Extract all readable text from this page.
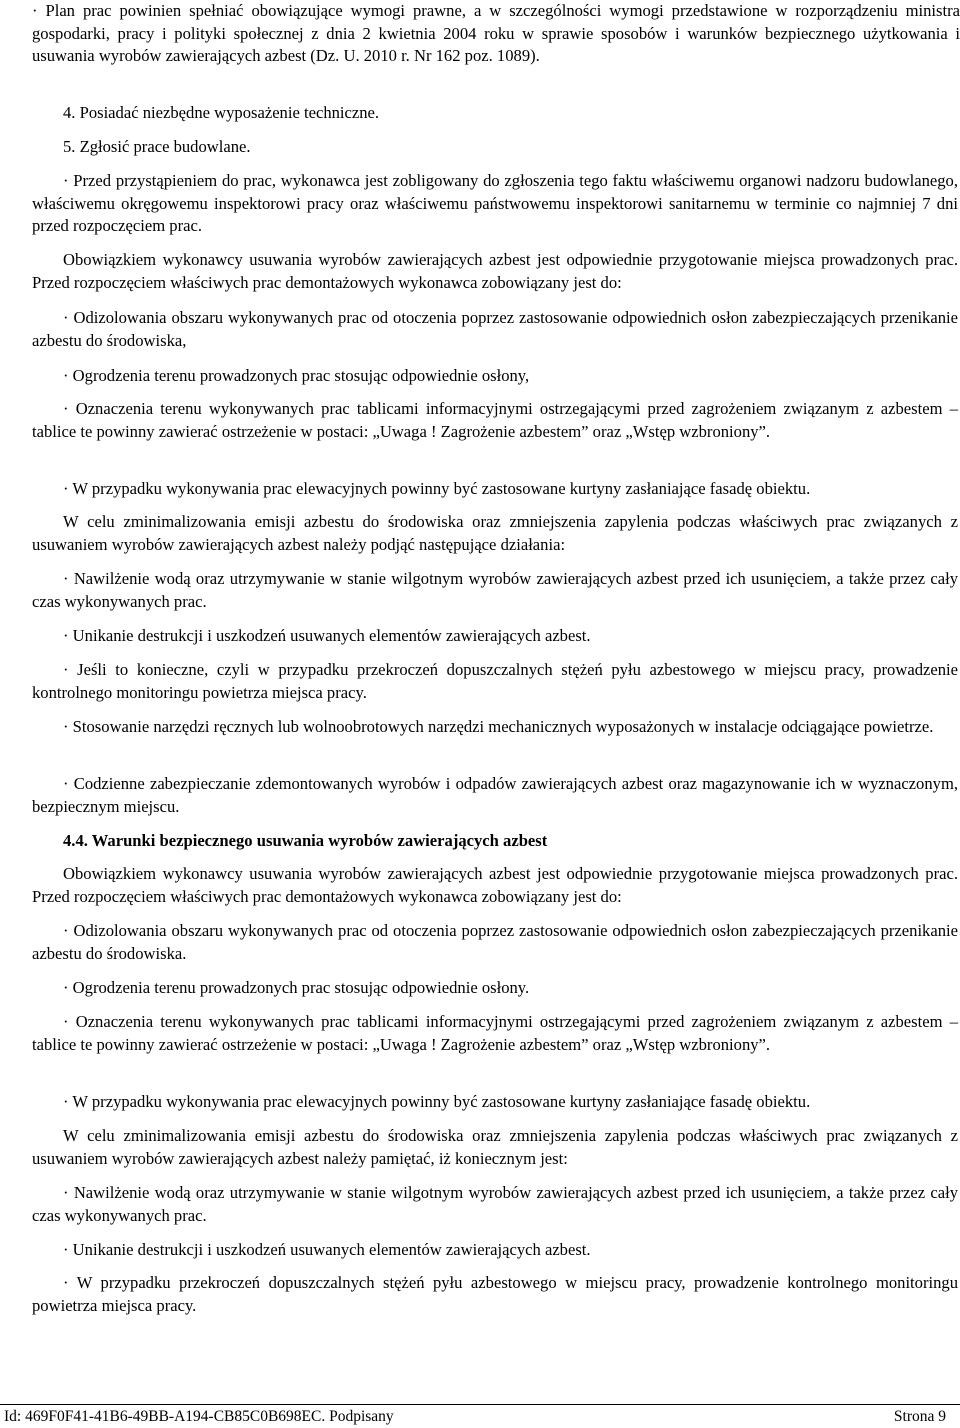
· Plan prac powinien spełniać obowiązujące wymogi prawne, a w szczególności wymogi przedstawione w rozporządzeniu ministra gospodarki, pracy i polityki społecznej z dnia 2 kwietnia 2004 roku w sprawie sposobów i warunków bezpiecznego użytkowania i usuwania wyrobów zawierających azbest (Dz. U. 2010 r. Nr 162 poz. 1089).

4. Posiadać niezbędne wyposażenie techniczne.

5. Zgłosić prace budowlane.

· Przed przystąpieniem do prac, wykonawca jest zobligowany do zgłoszenia tego faktu właściwemu organowi nadzoru budowlanego, właściwemu okręgowemu inspektorowi pracy oraz właściwemu państwowemu inspektorowi sanitarnemu w terminie co najmniej 7 dni przed rozpoczęciem prac.

Obowiązkiem wykonawcy usuwania wyrobów zawierających azbest jest odpowiednie przygotowanie miejsca prowadzonych prac. Przed rozpoczęciem właściwych prac demontażowych wykonawca zobowiązany jest do:

· Odizolowania obszaru wykonywanych prac od otoczenia poprzez zastosowanie odpowiednich osłon zabezpieczających przenikanie azbestu do środowiska,

· Ogrodzenia terenu prowadzonych prac stosując odpowiednie osłony,

· Oznaczenia terenu wykonywanych prac tablicami informacyjnymi ostrzegającymi przed zagrożeniem związanym z azbestem – tablice te powinny zawierać ostrzeżenie w postaci: „Uwaga ! Zagrożenie azbestem” oraz „Wstęp wzbroniony”.

· W przypadku wykonywania prac elewacyjnych powinny być zastosowane kurtyny zasłaniające fasadę obiektu.

W celu zminimalizowania emisji azbestu do środowiska oraz zmniejszenia zapylenia podczas właściwych prac związanych z usuwaniem wyrobów zawierających azbest należy podjąć następujące działania:

· Nawilżenie wodą oraz utrzymywanie w stanie wilgotnym wyrobów zawierających azbest przed ich usunięciem, a także przez cały czas wykonywanych prac.

· Unikanie destrukcji i uszkodzeń usuwanych elementów zawierających azbest.

· Jeśli to konieczne, czyli w przypadku przekroczeń dopuszczalnych stężeń pyłu azbestowego w miejscu pracy, prowadzenie kontrolnego monitoringu powietrza miejsca pracy.

· Stosowanie narzędzi ręcznych lub wolnoobrotowych narzędzi mechanicznych wyposażonych w instalacje odciągające powietrze.

· Codzienne zabezpieczanie zdemontowanych wyrobów i odpadów zawierających azbest oraz magazynowanie ich w wyznaczonym, bezpiecznym miejscu.

4.4. Warunki bezpiecznego usuwania wyrobów zawierających azbest

Obowiązkiem wykonawcy usuwania wyrobów zawierających azbest jest odpowiednie przygotowanie miejsca prowadzonych prac. Przed rozpoczęciem właściwych prac demontażowych wykonawca zobowiązany jest do:

· Odizolowania obszaru wykonywanych prac od otoczenia poprzez zastosowanie odpowiednich osłon zabezpieczających przenikanie azbestu do środowiska.

· Ogrodzenia terenu prowadzonych prac stosując odpowiednie osłony.

· Oznaczenia terenu wykonywanych prac tablicami informacyjnymi ostrzegającymi przed zagrożeniem związanym z azbestem – tablice te powinny zawierać ostrzeżenie w postaci: „Uwaga ! Zagrożenie azbestem” oraz „Wstęp wzbroniony”.

· W przypadku wykonywania prac elewacyjnych powinny być zastosowane kurtyny zasłaniające fasadę obiektu.

W celu zminimalizowania emisji azbestu do środowiska oraz zmniejszenia zapylenia podczas właściwych prac związanych z usuwaniem wyrobów zawierających azbest należy pamiętać, iż koniecznym jest:

· Nawilżenie wodą oraz utrzymywanie w stanie wilgotnym wyrobów zawierających azbest przed ich usunięciem, a także przez cały czas wykonywanych prac.

· Unikanie destrukcji i uszkodzeń usuwanych elementów zawierających azbest.

· W przypadku przekroczeń dopuszczalnych stężeń pyłu azbestowego w miejscu pracy, prowadzenie kontrolnego monitoringu powietrza miejsca pracy.

Id: 469F0F41-41B6-49BB-A194-CB85C0B698EC. Podpisany	Strona 9
